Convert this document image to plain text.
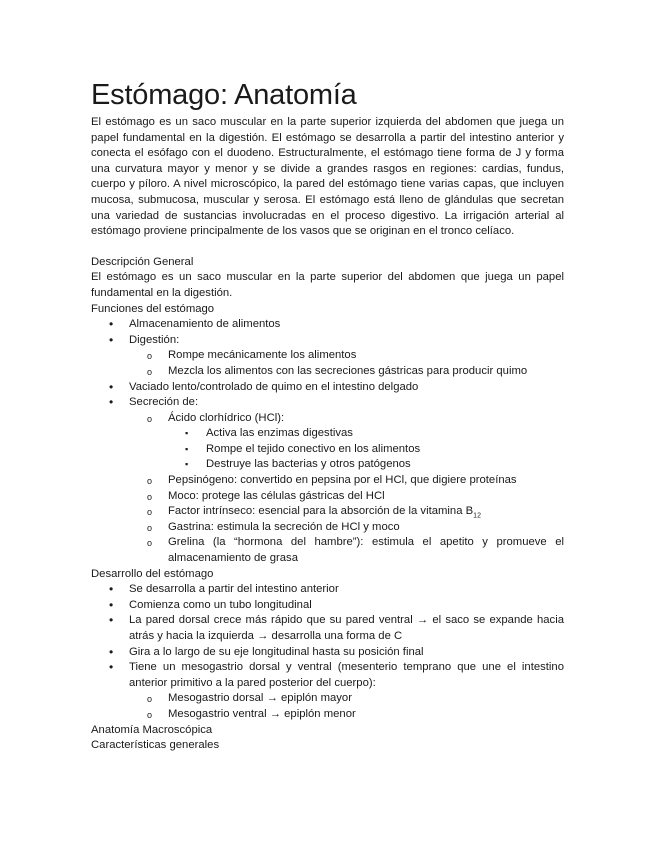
Estómago: Anatomía

El estómago es un saco muscular en la parte superior izquierda del abdomen que juega un papel fundamental en la digestión. El estómago se desarrolla a partir del intestino anterior y conecta el esófago con el duodeno. Estructuralmente, el estómago tiene forma de J y forma una curvatura mayor y menor y se divide a grandes rasgos en regiones: cardias, fundus, cuerpo y píloro. A nivel microscópico, la pared del estómago tiene varias capas, que incluyen mucosa, submucosa, muscular y serosa. El estómago está lleno de glándulas que secretan una variedad de sustancias involucradas en el proceso digestivo. La irrigación arterial al estómago proviene principalmente de los vasos que se originan en el tronco celíaco.

Descripción General

El estómago es un saco muscular en la parte superior del abdomen que juega un papel fundamental en la digestión.

Funciones del estómago

• Almacenamiento de alimentos
• Digestión:
o Rompe mecánicamente los alimentos
o Mezcla los alimentos con las secreciones gástricas para producir quimo
• Vaciado lento/controlado de quimo en el intestino delgado
• Secreción de:
o Ácido clorhídrico (HCl):
▪ Activa las enzimas digestivas
▪ Rompe el tejido conectivo en los alimentos
▪ Destruye las bacterias y otros patógenos
o Pepsinógeno: convertido en pepsina por el HCl, que digiere proteínas
o Moco: protege las células gástricas del HCl
o Factor intrínseco: esencial para la absorción de la vitamina $B_{12}$
o Gastrina: estimula la secreción de HCl y moco
o Grelina (la “hormona del hambre”): estimula el apetito y promueve el almacenamiento de grasa

Desarrollo del estómago

• Se desarrolla a partir del intestino anterior
• Comienza como un tubo longitudinal
• La pared dorsal crece más rápido que su pared ventral → el saco se expande hacia atrás y hacia la izquierda → desarrolla una forma de C
• Gira a lo largo de su eje longitudinal hasta su posición final
• Tiene un mesogastrio dorsal y ventral (mesenterio temprano que une el intestino anterior primitivo a la pared posterior del cuerpo):
o Mesogastrio dorsal → epiplón mayor
o Mesogastrio ventral → epiplón menor

Anatomía Macroscópica

Características generales
